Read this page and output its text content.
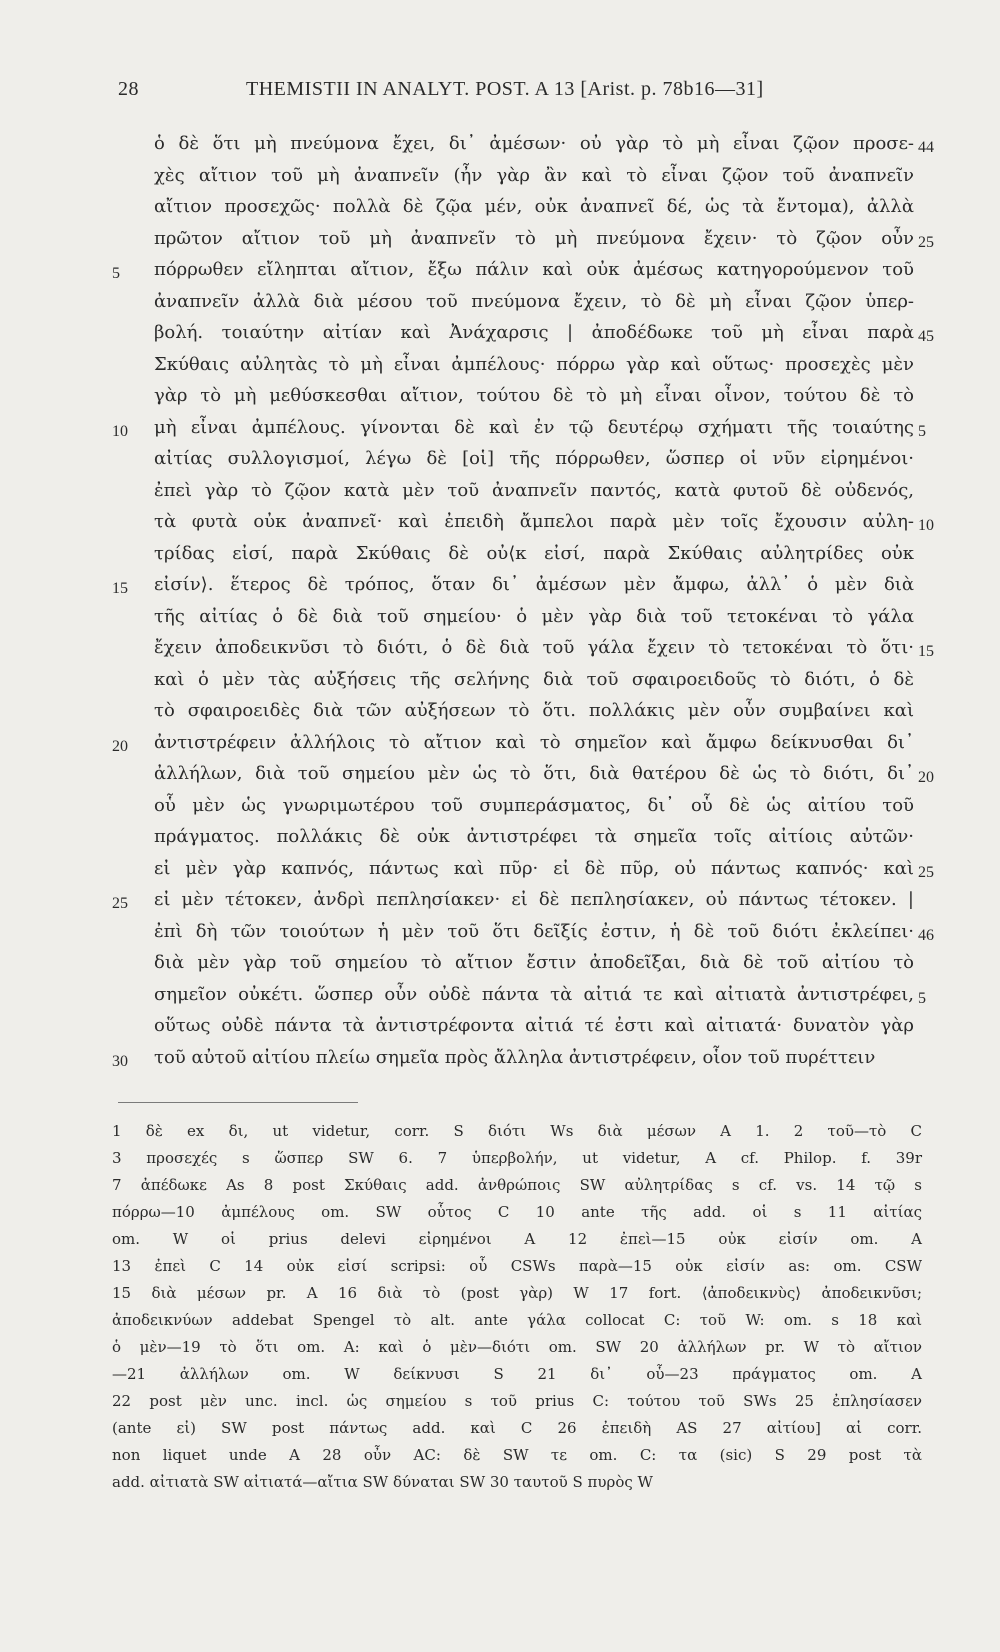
28	THEMISTII IN ANALYT. POST. A 13 [Arist. p. 78b16—31]
ὁ δὲ ὅτι μὴ πνεύμονα ἔχει, δι᾽ ἀμέσων· οὐ γὰρ τὸ μὴ εἶναι ζῷον προσε- 44
χὲς αἴτιον τοῦ μὴ ἀναπνεῖν (ἦν γὰρ ἂν καὶ τὸ εἶναι ζῷον τοῦ ἀναπνεῖν
αἴτιον προσεχῶς· πολλὰ δὲ ζῷα μέν, οὐκ ἀναπνεῖ δέ, ὡς τὰ ἔντομα), ἀλλὰ
πρῶτον αἴτιον τοῦ μὴ ἀναπνεῖν τὸ μὴ πνεύμονα ἔχειν· τὸ ζῷον οὖν 25
5	πόρρωθεν εἴληπται αἴτιον, ἔξω πάλιν καὶ οὐκ ἀμέσως κατηγορούμενον τοῦ
ἀναπνεῖν ἀλλὰ διὰ μέσου τοῦ πνεύμονα ἔχειν, τὸ δὲ μὴ εἶναι ζῷον ὑπερ-
βολή. τοιαύτην αἰτίαν καὶ Ἀνάχαρσις | ἀποδέδωκε τοῦ μὴ εἶναι παρὰ 45
Σκύθαις αὐλητὰς τὸ μὴ εἶναι ἀμπέλους· πόρρω γὰρ καὶ οὕτως· προσεχὲς μὲν
γὰρ τὸ μὴ μεθύσκεσθαι αἴτιον, τούτου δὲ τὸ μὴ εἶναι οἶνον, τούτου δὲ τὸ
10	μὴ εἶναι ἀμπέλους. γίνονται δὲ καὶ ἐν τῷ δευτέρῳ σχήματι τῆς τοιαύτης 5
αἰτίας συλλογισμοί, λέγω δὲ [οἱ] τῆς πόρρωθεν, ὥσπερ οἱ νῦν εἰρημένοι·
ἐπεὶ γὰρ τὸ ζῷον κατὰ μὲν τοῦ ἀναπνεῖν παντός, κατὰ φυτοῦ δὲ οὐδενός,
τὰ φυτὰ οὐκ ἀναπνεῖ· καὶ ἐπειδὴ ἄμπελοι παρὰ μὲν τοῖς ἔχουσιν αὐλη- 10
τρίδας εἰσί, παρὰ Σκύθαις δὲ οὐ⟨κ εἰσί, παρὰ Σκύθαις αὐλητρίδες οὐκ
15	εἰσίν⟩. ἕτερος δὲ τρόπος, ὅταν δι᾽ ἀμέσων μὲν ἄμφω, ἀλλ᾽ ὁ μὲν διὰ
τῆς αἰτίας ὁ δὲ διὰ τοῦ σημείου· ὁ μὲν γὰρ διὰ τοῦ τετοκέναι τὸ γάλα
ἔχειν ἀποδεικνῦσι τὸ διότι, ὁ δὲ διὰ τοῦ γάλα ἔχειν τὸ τετοκέναι τὸ ὅτι· 15
καὶ ὁ μὲν τὰς αὐξήσεις τῆς σελήνης διὰ τοῦ σφαιροειδοῦς τὸ διότι, ὁ δὲ
τὸ σφαιροειδὲς διὰ τῶν αὐξήσεων τὸ ὅτι. πολλάκις μὲν οὖν συμβαίνει καὶ
20	ἀντιστρέφειν ἀλλήλοις τὸ αἴτιον καὶ τὸ σημεῖον καὶ ἄμφω δείκνυσθαι δι᾽
ἀλλήλων, διὰ τοῦ σημείου μὲν ὡς τὸ ὅτι, διὰ θατέρου δὲ ὡς τὸ διότι, δι᾽ 20
οὗ μὲν ὡς γνωριμωτέρου τοῦ συμπεράσματος, δι᾽ οὗ δὲ ὡς αἰτίου τοῦ
πράγματος. πολλάκις δὲ οὐκ ἀντιστρέφει τὰ σημεῖα τοῖς αἰτίοις αὐτῶν·
εἰ μὲν γὰρ καπνός, πάντως καὶ πῦρ· εἰ δὲ πῦρ, οὐ πάντως καπνός· καὶ 25
25	εἰ μὲν τέτοκεν, ἀνδρὶ πεπλησίακεν· εἰ δὲ πεπλησίακεν, οὐ πάντως τέτοκεν. |
ἐπὶ δὴ τῶν τοιούτων ἡ μὲν τοῦ ὅτι δεῖξίς ἐστιν, ἡ δὲ τοῦ διότι ἐκλείπει· 46
διὰ μὲν γὰρ τοῦ σημείου τὸ αἴτιον ἔστιν ἀποδεῖξαι, διὰ δὲ τοῦ αἰτίου τὸ
σημεῖον οὐκέτι. ὥσπερ οὖν οὐδὲ πάντα τὰ αἰτιά τε καὶ αἰτιατὰ ἀντιστρέφει, 5
οὕτως οὐδὲ πάντα τὰ ἀντιστρέφοντα αἰτιά τέ ἐστι καὶ αἰτιατά· δυνατὸν γὰρ
30	τοῦ αὐτοῦ αἰτίου πλείω σημεῖα πρὸς ἄλληλα ἀντιστρέφειν, οἷον τοῦ πυρέττειν
1 δὲ ex δι, ut videtur, corr. S διότι Ws διὰ μέσων A 1. 2 τοῦ—τὸ C
3 προσεχές s ὥσπερ SW 6. 7 ὑπερβολήν, ut videtur, A cf. Philop. f. 39r
7 ἀπέδωκε As 8 post Σκύθαις add. ἀνθρώποις SW αὐλητρίδας s cf. vs. 14 τῷ s
πόρρω—10 ἀμπέλους om. SW οὗτος C 10 ante τῆς add. οἱ s 11 αἰτίας
om. W οἱ prius delevi εἰρημένοι A 12 ἐπεὶ—15 οὐκ εἰσίν om. A
13 ἐπεὶ C 14 οὐκ εἰσί scripsi: οὗ CSWs παρὰ—15 οὐκ εἰσίν as: om. CSW
15 διὰ μέσων pr. A 16 διὰ τὸ (post γὰρ) W 17 fort. ⟨ἀποδεικνὺς⟩ ἀποδεικνῦσι;
ἀποδεικνύων addebat Spengel τὸ alt. ante γάλα collocat C: τοῦ W: om. s 18 καὶ
ὁ μὲν—19 τὸ ὅτι om. A: καὶ ὁ μὲν—διότι om. SW 20 ἀλλήλων pr. W τὸ αἴτιον
—21 ἀλλήλων om. W δείκνυσι S 21 δι᾽ οὗ—23 πράγματος om. A
22 post μὲν unc. incl. ὡς σημείου s τοῦ prius C: τούτου τοῦ SWs 25 ἐπλησίασεν
(ante εἰ) SW post πάντως add. καὶ C 26 ἐπειδὴ AS 27 αἰτίου] αἱ corr.
non liquet unde A 28 οὖν AC: δὲ SW τε om. C: τα (sic) S 29 post τὰ
add. αἰτιατὰ SW αἰτιατά—αἴτια SW δύναται SW 30 ταυτοῦ S πυρὸς W
